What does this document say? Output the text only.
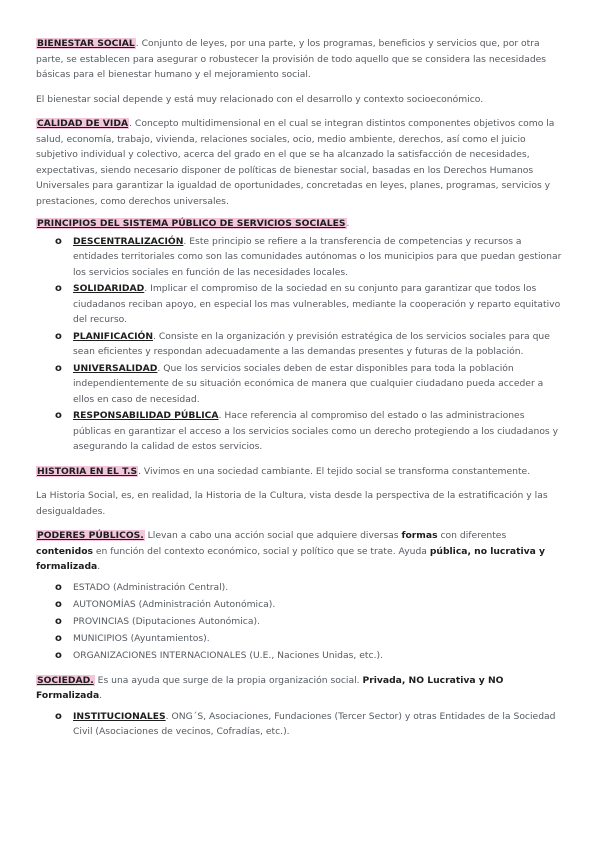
BIENESTAR SOCIAL. Conjunto de leyes, por una parte, y los programas, beneficios y servicios que, por otra parte, se establecen para asegurar o robustecer la provisión de todo aquello que se considera las necesidades básicas para el bienestar humano y el mejoramiento social.

El bienestar social depende y está muy relacionado con el desarrollo y contexto socioeconómico.

CALIDAD DE VIDA. Concepto multidimensional en el cual se integran distintos componentes objetivos como la salud, economía, trabajo, vivienda, relaciones sociales, ocio, medio ambiente, derechos, así como el juicio subjetivo individual y colectivo, acerca del grado en el que se ha alcanzado la satisfacción de necesidades, expectativas, siendo necesario disponer de políticas de bienestar social, basadas en los Derechos Humanos Universales para garantizar la igualdad de oportunidades, concretadas en leyes, planes, programas, servicios y prestaciones, como derechos universales.

PRINCIPIOS DEL SISTEMA PÚBLICO DE SERVICIOS SOCIALES.

o DESCENTRALIZACIÓN. Este principio se refiere a la transferencia de competencias y recursos a entidades territoriales como son las comunidades autónomas o los municipios para que puedan gestionar los servicios sociales en función de las necesidades locales.
o SOLIDARIDAD. Implicar el compromiso de la sociedad en su conjunto para garantizar que todos los ciudadanos reciban apoyo, en especial los mas vulnerables, mediante la cooperación y reparto equitativo del recurso.
o PLANIFICACIÓN. Consiste en la organización y previsión estratégica de los servicios sociales para que sean eficientes y respondan adecuadamente a las demandas presentes y futuras de la población.
o UNIVERSALIDAD. Que los servicios sociales deben de estar disponibles para toda la población independientemente de su situación económica de manera que cualquier ciudadano pueda acceder a ellos en caso de necesidad.
o RESPONSABILIDAD PÚBLICA. Hace referencia al compromiso del estado o las administraciones públicas en garantizar el acceso a los servicios sociales como un derecho protegiendo a los ciudadanos y asegurando la calidad de estos servicios.

HISTORIA EN EL T.S. Vivimos en una sociedad cambiante. El tejido social se transforma constantemente.

La Historia Social, es, en realidad, la Historia de la Cultura, vista desde la perspectiva de la estratificación y las desigualdades.

PODERES PÚBLICOS. Llevan a cabo una acción social que adquiere diversas formas con diferentes contenidos en función del contexto económico, social y político que se trate. Ayuda pública, no lucrativa y formalizada.

o ESTADO (Administración Central).
o AUTONOMÍAS (Administración Autonómica).
o PROVINCIAS (Diputaciones Autonómica).
o MUNICIPIOS (Ayuntamientos).
o ORGANIZACIONES INTERNACIONALES (U.E., Naciones Unidas, etc.).

SOCIEDAD. Es una ayuda que surge de la propia organización social. Privada, NO Lucrativa y NO Formalizada.

o INSTITUCIONALES. ONG´S, Asociaciones, Fundaciones (Tercer Sector) y otras Entidades de la Sociedad Civil (Asociaciones de vecinos, Cofradías, etc.).
